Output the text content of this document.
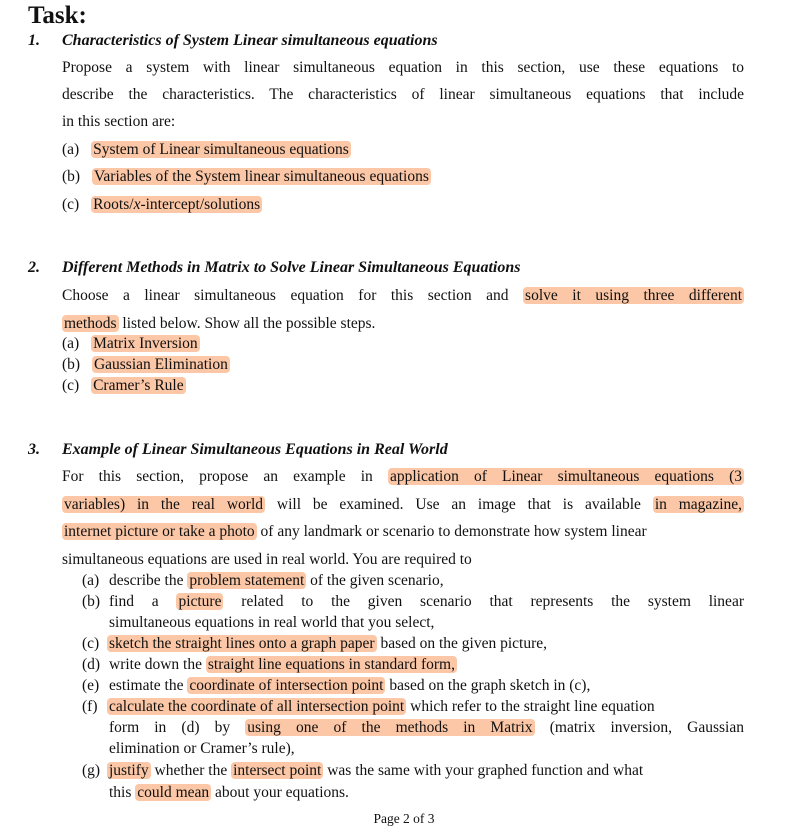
Task:
1. Characteristics of System Linear simultaneous equations
Propose a system with linear simultaneous equation in this section, use these equations to
describe the characteristics. The characteristics of linear simultaneous equations that include
in this section are:
(a) System of Linear simultaneous equations
(b) Variables of the System linear simultaneous equations
(c) Roots/x-intercept/solutions
2. Different Methods in Matrix to Solve Linear Simultaneous Equations
Choose a linear simultaneous equation for this section and solve it using three different
methods listed below. Show all the possible steps.
(a) Matrix Inversion
(b) Gaussian Elimination
(c) Cramer’s Rule
3. Example of Linear Simultaneous Equations in Real World
For this section, propose an example in application of Linear simultaneous equations (3
variables) in the real world will be examined. Use an image that is available in magazine,
internet picture or take a photo of any landmark or scenario to demonstrate how system linear
simultaneous equations are used in real world. You are required to
(a) describe the problem statement of the given scenario,
(b) find a picture related to the given scenario that represents the system linear
simultaneous equations in real world that you select,
(c) sketch the straight lines onto a graph paper based on the given picture,
(d) write down the straight line equations in standard form,
(e) estimate the coordinate of intersection point based on the graph sketch in (c),
(f) calculate the coordinate of all intersection point which refer to the straight line equation
form in (d) by using one of the methods in Matrix (matrix inversion, Gaussian
elimination or Cramer’s rule),
(g) justify whether the intersect point was the same with your graphed function and what
this could mean about your equations.
Page 2 of 3
